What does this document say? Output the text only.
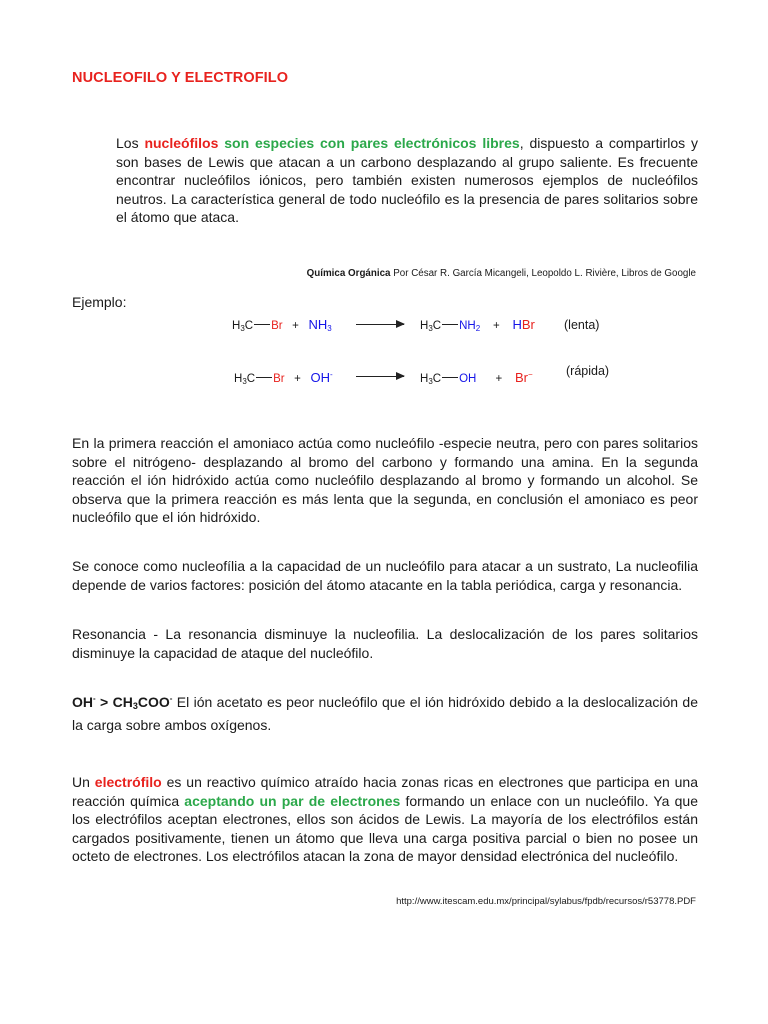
NUCLEOFILO Y ELECTROFILO
Los nucleófilos son especies con pares electrónicos libres, dispuesto a compartirlos y son bases de Lewis que atacan a un carbono desplazando al grupo saliente. Es frecuente encontrar nucleófilos iónicos, pero también existen numerosos ejemplos de nucleófilos neutros. La característica general de todo nucleófilo es la presencia de pares solitarios sobre el átomo que ataca.
Química Orgánica Por César R. García Micangeli, Leopoldo L. Rivière, Libros de Google
Ejemplo:
$H_3C$ $Br + NH_3 \to H_3C$ $NH_2$ + HBr (lenta)
$H_3C$ $Br + OH^- \to H_3C$ OH + Br−	(rápida)
En la primera reacción el amoniaco actúa como nucleófilo -especie neutra, pero con pares solitarios sobre el nitrógeno- desplazando al bromo del carbono y formando una amina. En la segunda reacción el ión hidróxido actúa como nucleófilo desplazando al bromo y formando un alcohol. Se observa que la primera reacción es más lenta que la segunda, en conclusión el amoniaco es peor nucleófilo que el ión hidróxido.
Se conoce como nucleofília a la capacidad de un nucleófilo para atacar a un sustrato, La nucleofilia depende de varios factores: posición del átomo atacante en la tabla periódica, carga y resonancia.
Resonancia - La resonancia disminuye la nucleofilia. La deslocalización de los pares solitarios disminuye la capacidad de ataque del nucleófilo.
OH- > CH3COO- El ión acetato es peor nucleófilo que el ión hidróxido debido a la deslocalización de la carga sobre ambos oxígenos.
Un electrófilo es un reactivo químico atraído hacia zonas ricas en electrones que participa en una reacción química aceptando un par de electrones formando un enlace con un nucleófilo. Ya que los electrófilos aceptan electrones, ellos son ácidos de Lewis. La mayoría de los electrófilos están cargados positivamente, tienen un átomo que lleva una carga positiva parcial o bien no posee un octeto de electrones. Los electrófilos atacan la zona de mayor densidad electrónica del nucleófilo.
http://www.itescam.edu.mx/principal/sylabus/fpdb/recursos/r53778.PDF
